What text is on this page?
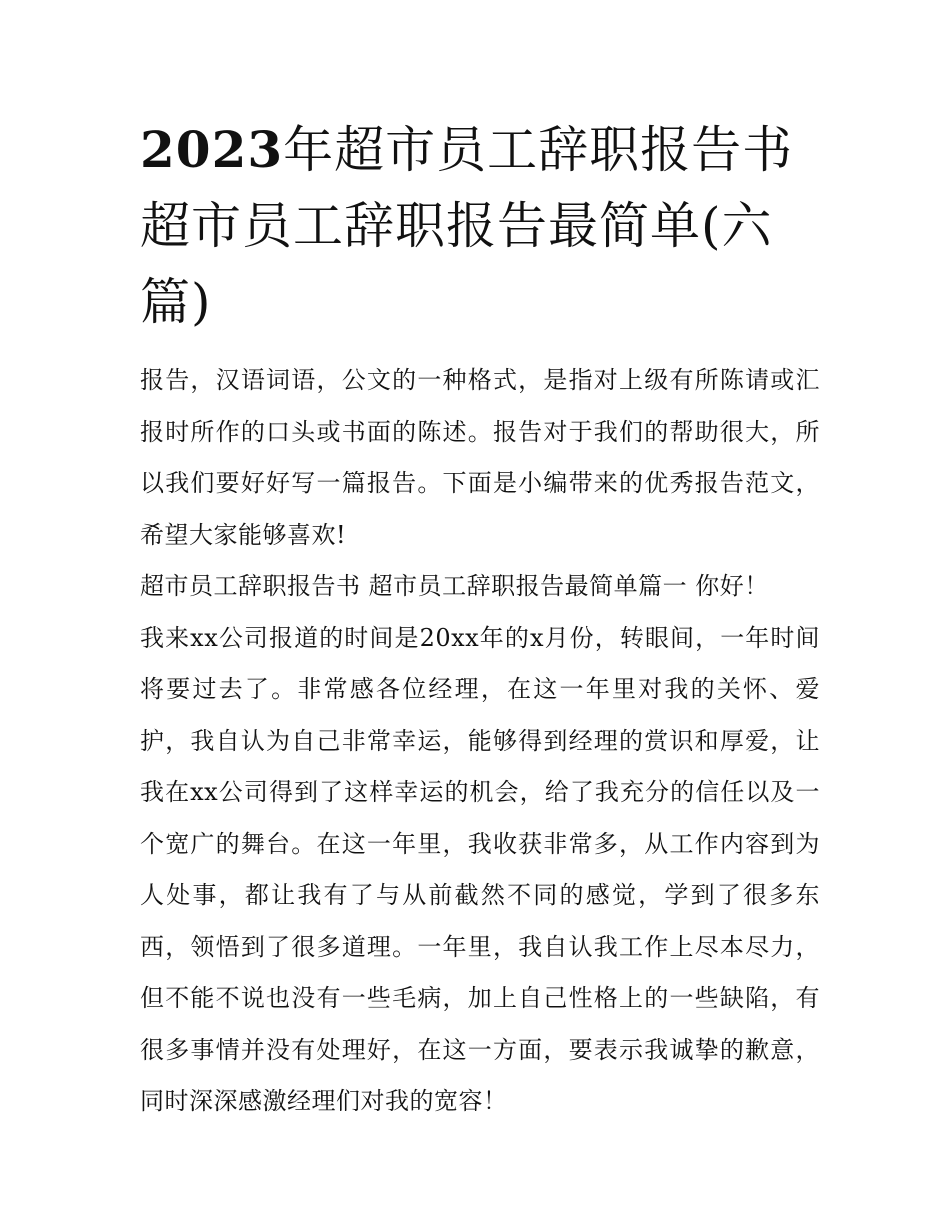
2023年超市员工辞职报告书 超市员工辞职报告最简单(六篇)

报告，汉语词语，公文的一种格式，是指对上级有所陈请或汇报时所作的口头或书面的陈述。报告对于我们的帮助很大，所以我们要好好写一篇报告。下面是小编带来的优秀报告范文，希望大家能够喜欢!

超市员工辞职报告书 超市员工辞职报告最简单篇一 你好！

我来xx公司报道的时间是20xx年的x月份，转眼间，一年时间将要过去了。非常感各位经理，在这一年里对我的关怀、爱护，我自认为自己非常幸运，能够得到经理的赏识和厚爱，让我在xx公司得到了这样幸运的机会，给了我充分的信任以及一个宽广的舞台。在这一年里，我收获非常多，从工作内容到为人处事，都让我有了与从前截然不同的感觉，学到了很多东西，领悟到了很多道理。一年里，我自认我工作上尽本尽力，但不能不说也没有一些毛病，加上自己性格上的一些缺陷，有很多事情并没有处理好，在这一方面，要表示我诚挚的歉意，同时深深感激经理们对我的宽容！
